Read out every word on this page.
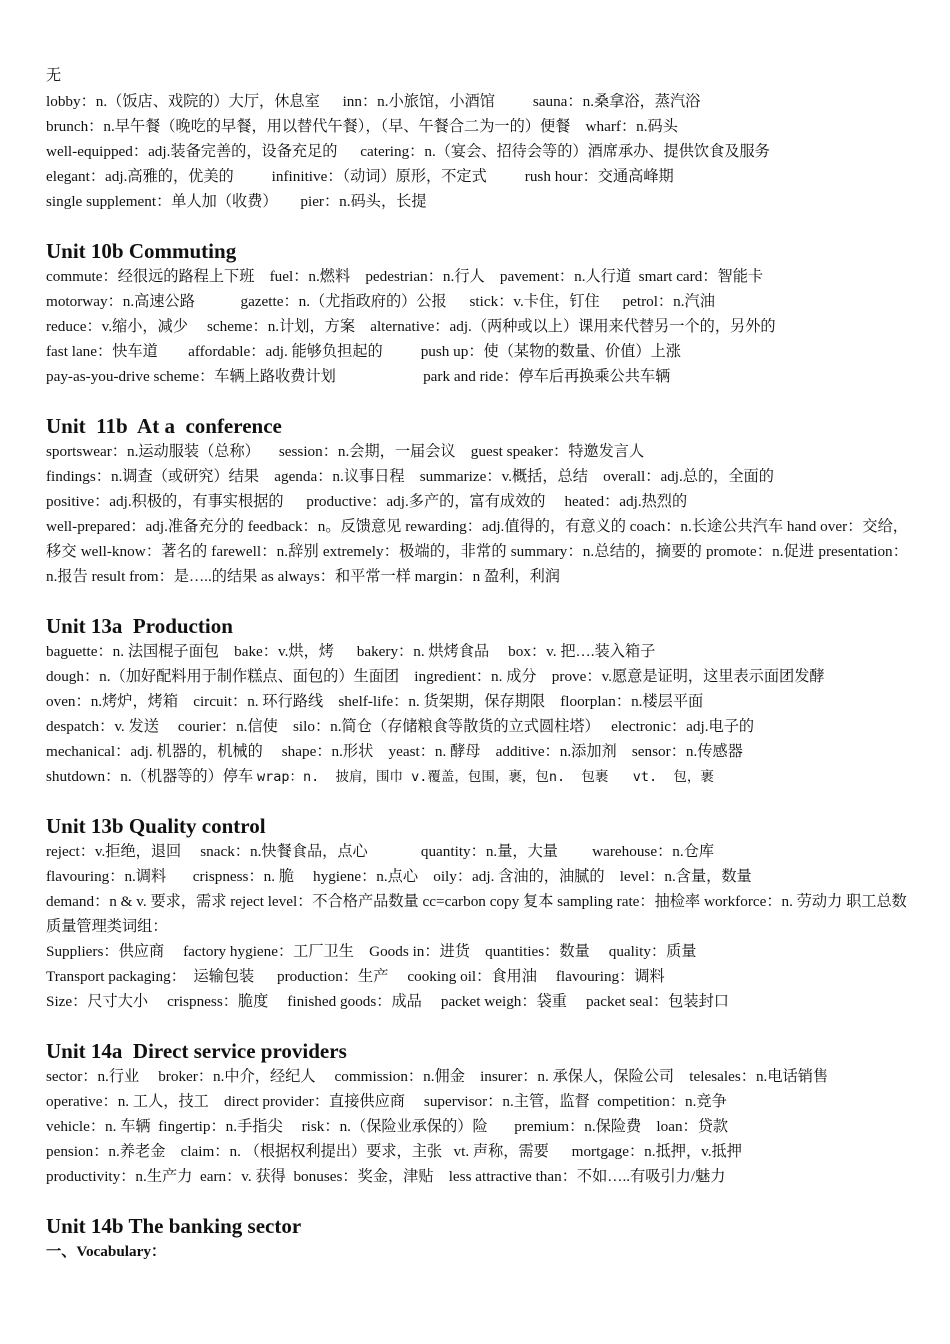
无
lobby：n.（饭店、戏院的）大厅，休息室      inn：n.小旅馆，小酒馆          sauna：n.桑拿浴，蒸汽浴
brunch：n.早午餐（晚吃的早餐，用以替代午餐），（早、午餐合二为一的）便餐    wharf：n.码头
well-equipped：adj.装备完善的，设备充足的      catering：n.（宴会、招待会等的）酒席承办、提供饮食及服务
elegant：adj.高雅的，优美的          infinitive：（动词）原形，不定式          rush hour：交通高峰期
single supplement：单人加（收费）      pier：n.码头，长提
Unit 10b Commuting
commute：经很远的路程上下班    fuel：n.燃料    pedestrian：n.行人    pavement：n.人行道  smart card：智能卡
motorway：n.高速公路            gazette：n.（尤指政府的）公报      stick：v.卡住，钉住      petrol：n.汽油
reduce：v.缩小，减少     scheme：n.计划，方案    alternative：adj.（两种或以上）课用来代替另一个的，另外的
fast lane：快车道        affordable：adj. 能够负担起的          push up：使（某物的数量、价值）上涨
pay-as-you-drive scheme：车辆上路收费计划                       park and ride：停车后再换乘公共车辆
Unit  11b  At a  conference
sportswear：n.运动服装（总称）     session：n.会期，一届会议    guest speaker：特邀发言人
findings：n.调查（或研究）结果    agenda：n.议事日程    summarize：v.概括，总结    overall：adj.总的，全面的
positive：adj.积极的，有事实根据的      productive：adj.多产的，富有成效的     heated：adj.热烈的
well-prepared：adj.准备充分的 feedback：n。反馈意见 rewarding：adj.值得的，有意义的 coach：n.长途公共汽车 hand over：交给，移交 well-know：著名的 farewell：n.辞别 extremely：极端的，非常的 summary：n.总结的，摘要的 promote：n.促进 presentation：n.报告 result from：是…..的结果 as always：和平常一样 margin：n 盈利，利润
Unit 13a  Production
baguette：n. 法国棍子面包    bake：v.烘，烤      bakery：n. 烘烤食品     box：v. 把….装入箱子
dough：n.（加好配料用于制作糕点、面包的）生面团    ingredient：n. 成分    prove：v.愿意是证明，这里表示面团发酵
oven：n.烤炉，烤箱    circuit：n. 环行路线    shelf-life：n. 货架期，保存期限    floorplan：n.楼层平面
despatch：v. 发送     courier：n.信使    silo：n.简仓（存储粮食等散货的立式圆柱塔）   electronic：adj.电子的
mechanical：adj. 机器的，机械的     shape：n.形状    yeast：n. 酵母    additive：n.添加剂    sensor：n.传感器
shutdown：n.（机器等的）停车 wrap：n.  披肩，围巾 v.覆盖，包围，裹，包n.  包裹   vt.  包，裹
Unit 13b Quality control
reject：v.拒绝，退回     snack：n.快餐食品，点心              quantity：n.量，大量         warehouse：n.仓库
flavouring：n.调料       crispness：n. 脆     hygiene：n.点心    oily：adj. 含油的，油腻的    level：n.含量，数量
demand：n & v. 要求，需求 reject level：不合格产品数量 cc=carbon copy 复本 sampling rate：抽检率 workforce：n. 劳动力 职工总数
质量管理类词组：
Suppliers：供应商     factory hygiene：工厂卫生    Goods in：进货    quantities：数量     quality：质量
Transport packaging：  运输包装      production：生产     cooking oil：食用油     flavouring：调料
Size：尺寸大小     crispness：脆度     finished goods：成品     packet weigh：袋重     packet seal：包装封口
Unit 14a  Direct service providers
sector：n.行业     broker：n.中介，经纪人     commission：n.佣金    insurer：n. 承保人，保险公司    telesales：n.电话销售
operative：n. 工人，技工    direct provider：直接供应商     supervisor：n.主管，监督  competition：n.竞争
vehicle：n. 车辆  fingertip：n.手指尖     risk：n.（保险业承保的）险       premium：n.保险费    loan：贷款
pension：n.养老金    claim：n. （根据权利提出）要求，主张   vt. 声称，需要      mortgage：n.抵押，v.抵押
productivity：n.生产力  earn：v. 获得  bonuses：奖金，津贴    less attractive than：不如…..有吸引力/魅力
Unit 14b The banking sector
一、Vocabulary：
